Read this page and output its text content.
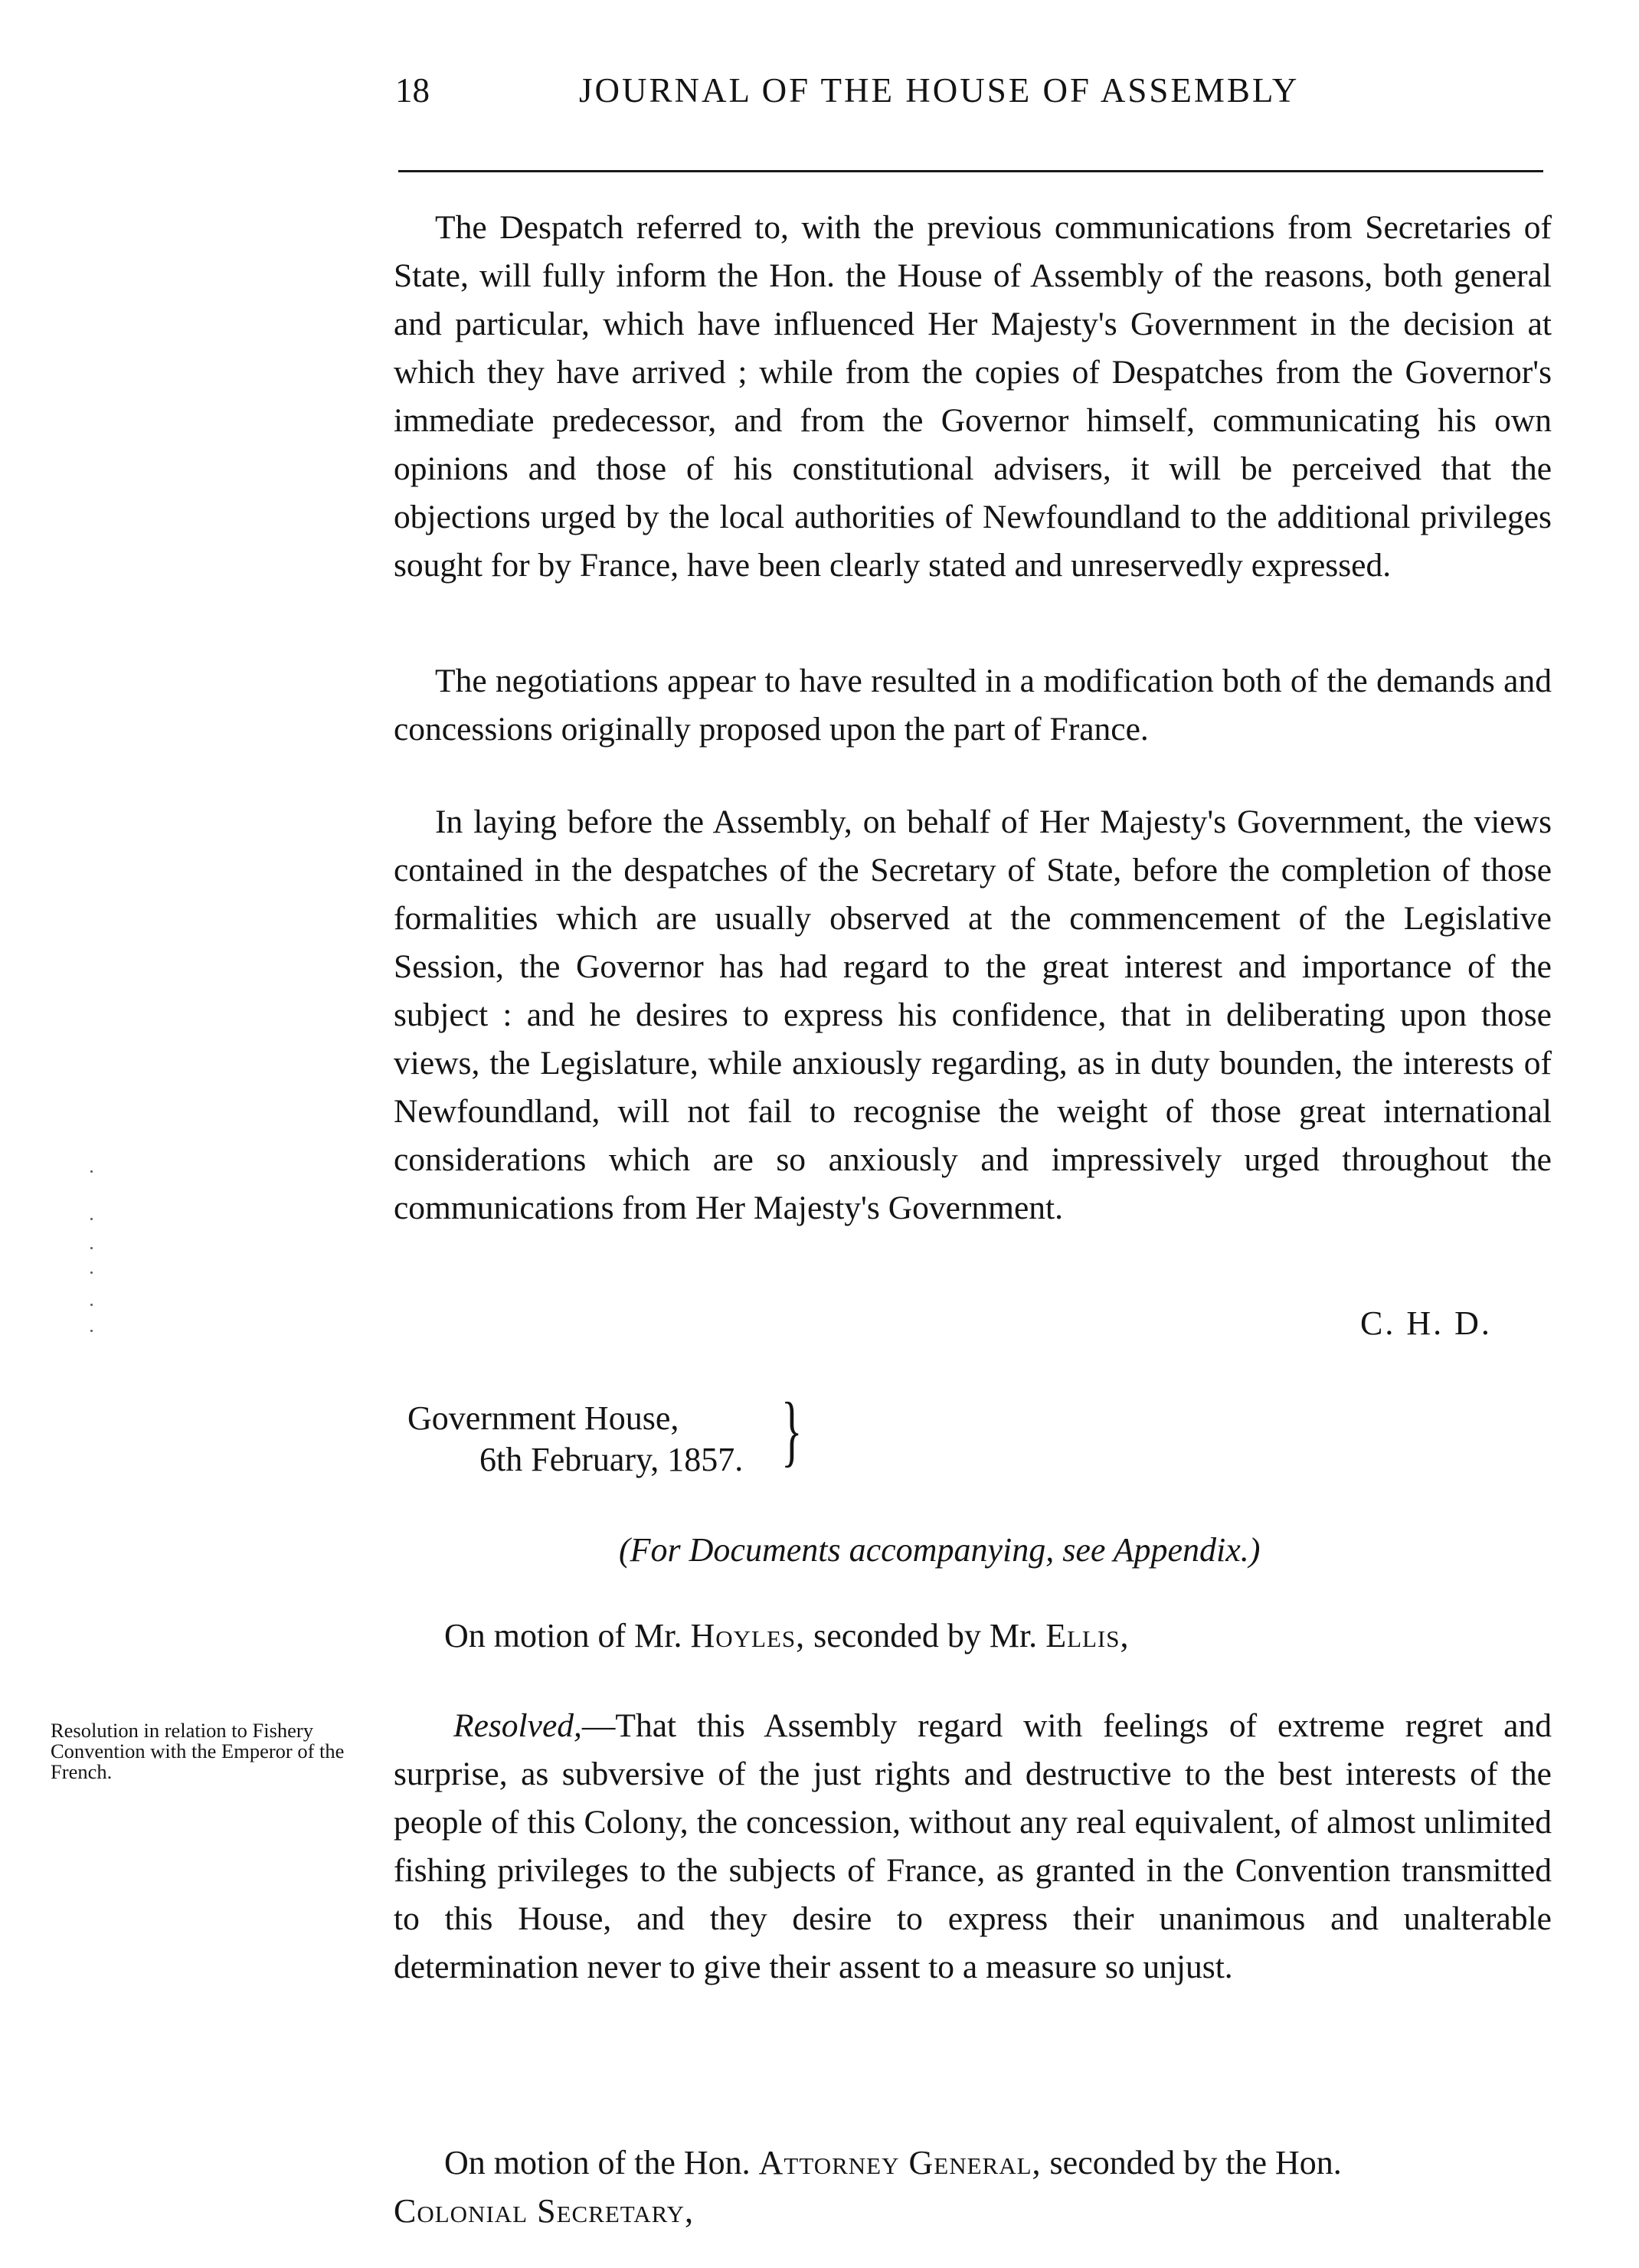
18	JOURNAL OF THE HOUSE OF ASSEMBLY

The Despatch referred to, with the previous communications from Secretaries of State, will fully inform the Hon. the House of Assembly of the reasons, both general and particular, which have influenced Her Majesty's Government in the decision at which they have arrived ; while from the copies of Despatches from the Governor's immediate predecessor, and from the Governor himself, communicating his own opinions and those of his constitutional advisers, it will be perceived that the objections urged by the local authorities of Newfoundland to the additional privileges sought for by France, have been clearly stated and unreservedly expressed.

The negotiations appear to have resulted in a modification both of the demands and concessions originally proposed upon the part of France.

In laying before the Assembly, on behalf of Her Majesty's Government, the views contained in the despatches of the Secretary of State, before the completion of those formalities which are usually observed at the commencement of the Legislative Session, the Governor has had regard to the great interest and importance of the subject : and he desires to express his confidence, that in deliberating upon those views, the Legislature, while anxiously regarding, as in duty bounden, the interests of Newfoundland, will not fail to recognise the weight of those great international considerations which are so anxiously and impressively urged throughout the communications from Her Majesty's Government.

C. H. D.
Government House,
6th February, 1857. }
(For Documents accompanying, see Appendix.)

On motion of Mr. Hoyles, seconded by Mr. Ellis,

Resolution in relation to Fishery Convention with the Emperor of the French.

Resolved,—That this Assembly regard with feelings of extreme regret and surprise, as subversive of the just rights and destructive to the best interests of the people of this Colony, the concession, without any real equivalent, of almost unlimited fishing privileges to the subjects of France, as granted in the Convention transmitted to this House, and they desire to express their unanimous and unalterable determination never to give their assent to a measure so unjust.

On motion of the Hon. Attorney General, seconded by the Hon.
Colonial Secretary,
